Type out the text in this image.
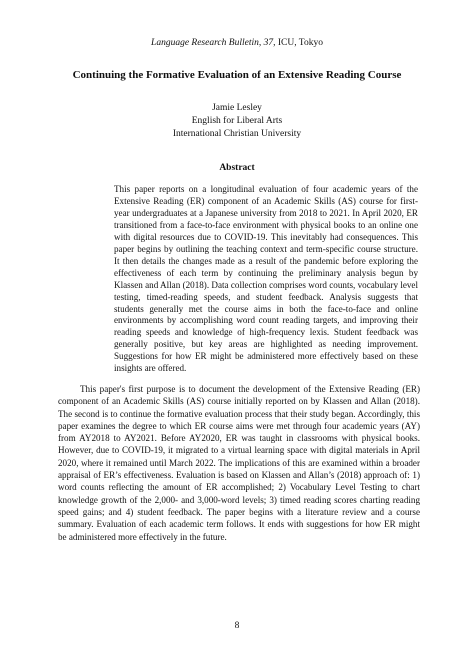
Language Research Bulletin, 37, ICU, Tokyo
Continuing the Formative Evaluation of an Extensive Reading Course
Jamie Lesley
English for Liberal Arts
International Christian University
Abstract

This paper reports on a longitudinal evaluation of four academic years of the Extensive Reading (ER) component of an Academic Skills (AS) course for first-year undergraduates at a Japanese university from 2018 to 2021. In April 2020, ER transitioned from a face-to-face environment with physical books to an online one with digital resources due to COVID-19. This inevitably had consequences. This paper begins by outlining the teaching context and term-specific course structure. It then details the changes made as a result of the pandemic before exploring the effectiveness of each term by continuing the preliminary analysis begun by Klassen and Allan (2018). Data collection comprises word counts, vocabulary level testing, timed-reading speeds, and student feedback. Analysis suggests that students generally met the course aims in both the face-to-face and online environments by accomplishing word count reading targets, and improving their reading speeds and knowledge of high-frequency lexis. Student feedback was generally positive, but key areas are highlighted as needing improvement. Suggestions for how ER might be administered more effectively based on these insights are offered.

This paper's first purpose is to document the development of the Extensive Reading (ER) component of an Academic Skills (AS) course initially reported on by Klassen and Allan (2018). The second is to continue the formative evaluation process that their study began. Accordingly, this paper examines the degree to which ER course aims were met through four academic years (AY) from AY2018 to AY2021. Before AY2020, ER was taught in classrooms with physical books. However, due to COVID-19, it migrated to a virtual learning space with digital materials in April 2020, where it remained until March 2022. The implications of this are examined within a broader appraisal of ER’s effectiveness. Evaluation is based on Klassen and Allan’s (2018) approach of: 1) word counts reflecting the amount of ER accomplished; 2) Vocabulary Level Testing to chart knowledge growth of the 2,000- and 3,000-word levels; 3) timed reading scores charting reading speed gains; and 4) student feedback. The paper begins with a literature review and a course summary. Evaluation of each academic term follows. It ends with suggestions for how ER might be administered more effectively in the future.

8
